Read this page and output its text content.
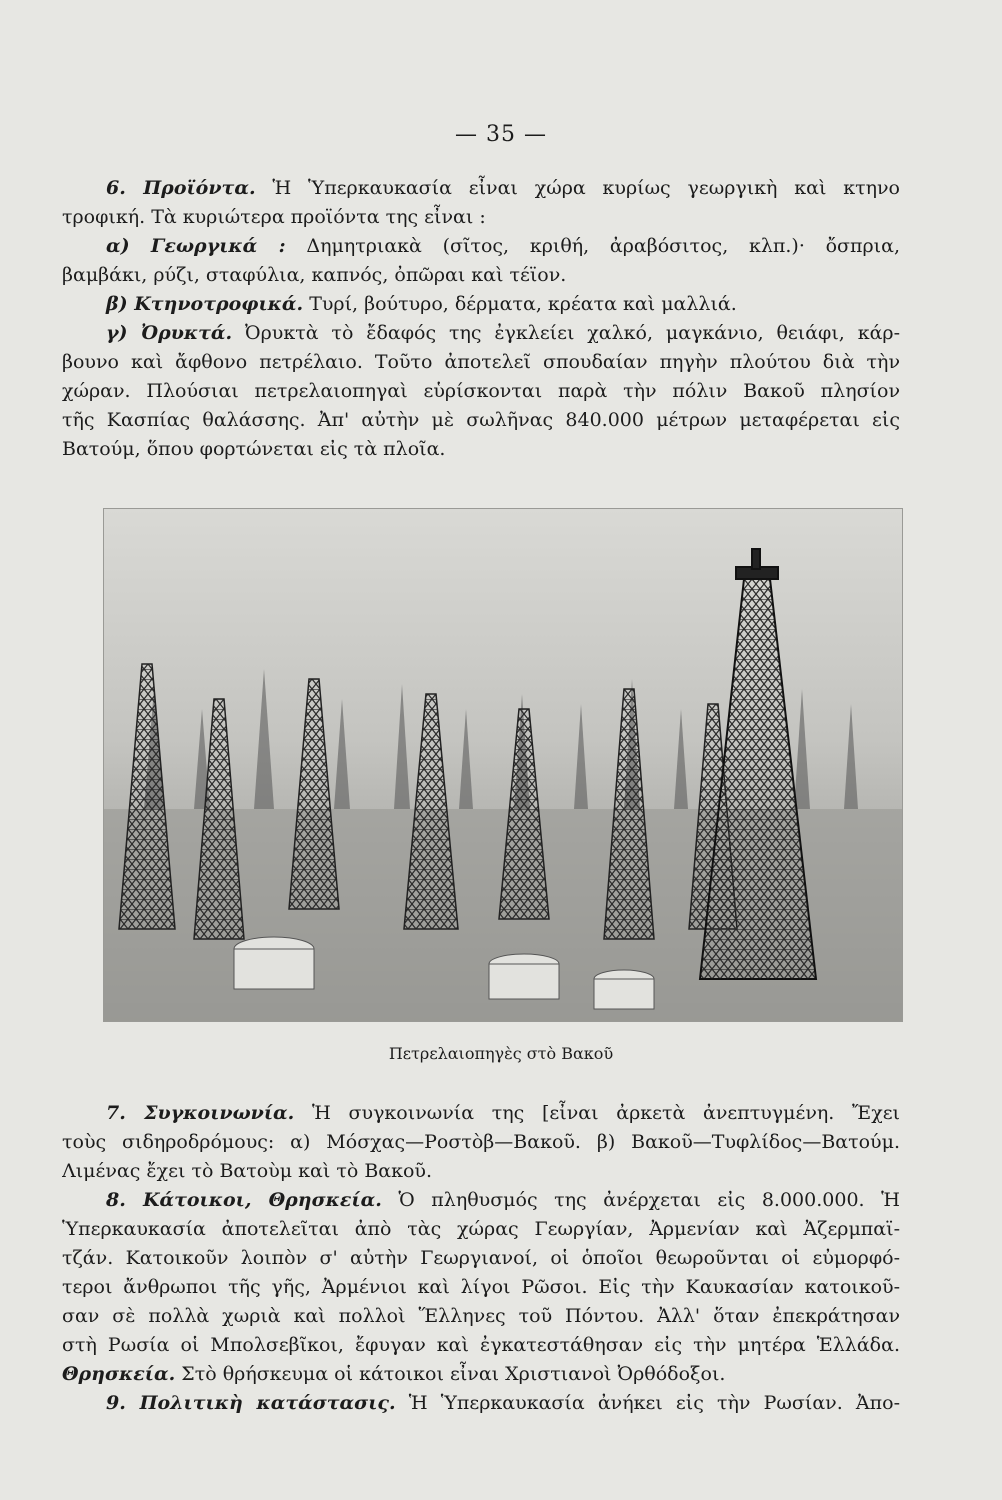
— 35 —
6. Προϊόντα. Ἡ Ὑπερκαυκασία εἶναι χώρα κυρίως γεωργικὴ καὶ κτηνο
τροφική. Τὰ κυριώτερα προϊόντα της εἶναι :
α) Γεωργικά : Δημητριακὰ (σῖτος, κριθή, ἀραβόσιτος, κλπ.)· ὄσπρια,
βαμβάκι, ρύζι, σταφύλια, καπνός, ὀπῶραι καὶ τέϊον.
β) Κτηνοτροφικά. Τυρί, βούτυρο, δέρματα, κρέατα καὶ μαλλιά.
γ) Ὀρυκτά. Ὀρυκτὰ τὸ ἔδαφός της ἐγκλείει χαλκό, μαγκάνιο, θειάφι, κάρ-
βουνο καὶ ἄφθονο πετρέλαιο. Τοῦτο ἀποτελεῖ σπουδαίαν πηγὴν πλούτου διὰ τὴν
χώραν. Πλούσιαι πετρελαιοπηγαὶ εὑρίσκονται παρὰ τὴν πόλιν Βακοῦ πλησίον
τῆς Κασπίας θαλάσσης. Ἀπ' αὐτὴν μὲ σωλῆνας 840.000 μέτρων μεταφέρεται εἰς
Βατούμ, ὅπου φορτώνεται εἰς τὰ πλοῖα.
Πετρελαιοπηγὲς στὸ Βακοῦ
7. Συγκοινωνία. Ἡ συγκοινωνία της [εἶναι ἀρκετὰ ἀνεπτυγμένη. Ἔχει
τοὺς σιδηροδρόμους: α) Μόσχας—Ροστὸβ—Βακοῦ. β) Βακοῦ—Τυφλίδος—Βατούμ.
Λιμένας ἔχει τὸ Βατοὺμ καὶ τὸ Βακοῦ.
8. Κάτοικοι, Θρησκεία. Ὁ πληθυσμός της ἀνέρχεται εἰς 8.000.000. Ἡ
Ὑπερκαυκασία ἀποτελεῖται ἀπὸ τὰς χώρας Γεωργίαν, Ἀρμενίαν καὶ Ἀζερμπαϊ-
τζάν. Κατοικοῦν λοιπὸν σ' αὐτὴν Γεωργιανοί, οἱ ὁποῖοι θεωροῦνται οἱ εὐμορφό-
τεροι ἄνθρωποι τῆς γῆς, Ἀρμένιοι καὶ λίγοι Ρῶσοι. Εἰς τὴν Καυκασίαν κατοικοῦ-
σαν σὲ πολλὰ χωριὰ καὶ πολλοὶ Ἕλληνες τοῦ Πόντου. Ἀλλ' ὅταν ἐπεκράτησαν
στὴ Ρωσία οἱ Μπολσεβῖκοι, ἔφυγαν καὶ ἐγκατεστάθησαν εἰς τὴν μητέρα Ἑλλάδα.
Θρησκεία. Στὸ θρήσκευμα οἱ κάτοικοι εἶναι Χριστιανοὶ Ὀρθόδοξοι.
9. Πολιτικὴ κατάστασις. Ἡ Ὑπερκαυκασία ἀνήκει εἰς τὴν Ρωσίαν. Ἀπο-
